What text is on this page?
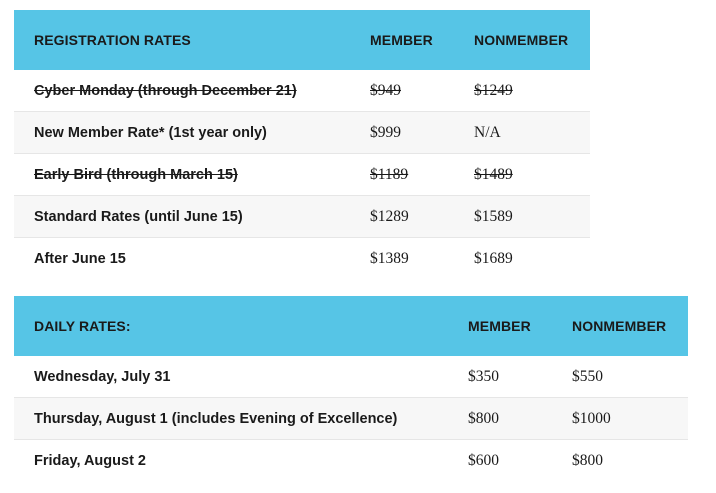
REGISTRATION RATES	MEMBER	NONMEMBER
Cyber Monday (through December 21)	$949	$1249
New Member Rate* (1st year only)	$999	N/A
Early Bird (through March 15)	$1189	$1489
Standard Rates (until June 15)	$1289	$1589
After June 15	$1389	$1689
DAILY RATES:	MEMBER	NONMEMBER
Wednesday, July 31	$350	$550
Thursday, August 1 (includes Evening of Excellence)	$800	$1000
Friday, August 2	$600	$800
